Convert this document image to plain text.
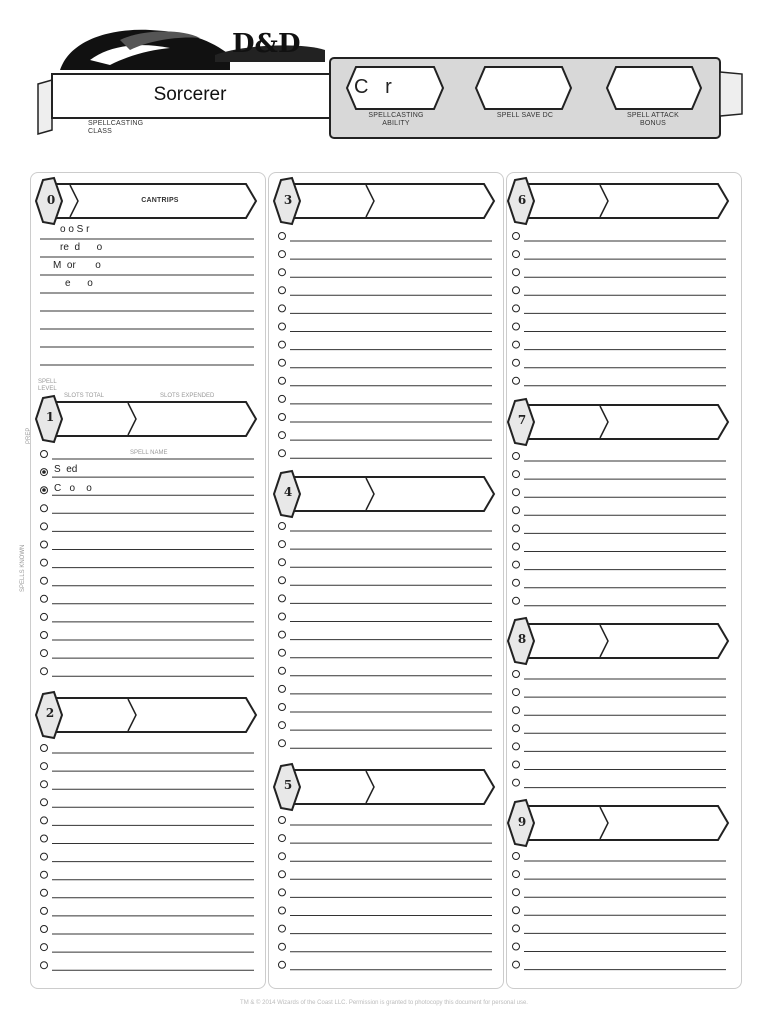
D&D
Sorcerer
SPELLCASTING
CLASS
C   r
SPELLCASTING ABILITY
SPELL SAVE DC	SPELL ATTACK BONUS
0	CANTRIPS
1
2
3
4
5
6
7
8
9
SPELL LEVEL
SLOTS TOTAL	SLOTS EXPENDED
SPELL NAME
PREP
SPELLS KNOWN
o o S r
re  d      o
M  or       o
e      o
S  ed
C   o    o
TM & © 2014 Wizards of the Coast LLC. Permission is granted to photocopy this document for personal use.
